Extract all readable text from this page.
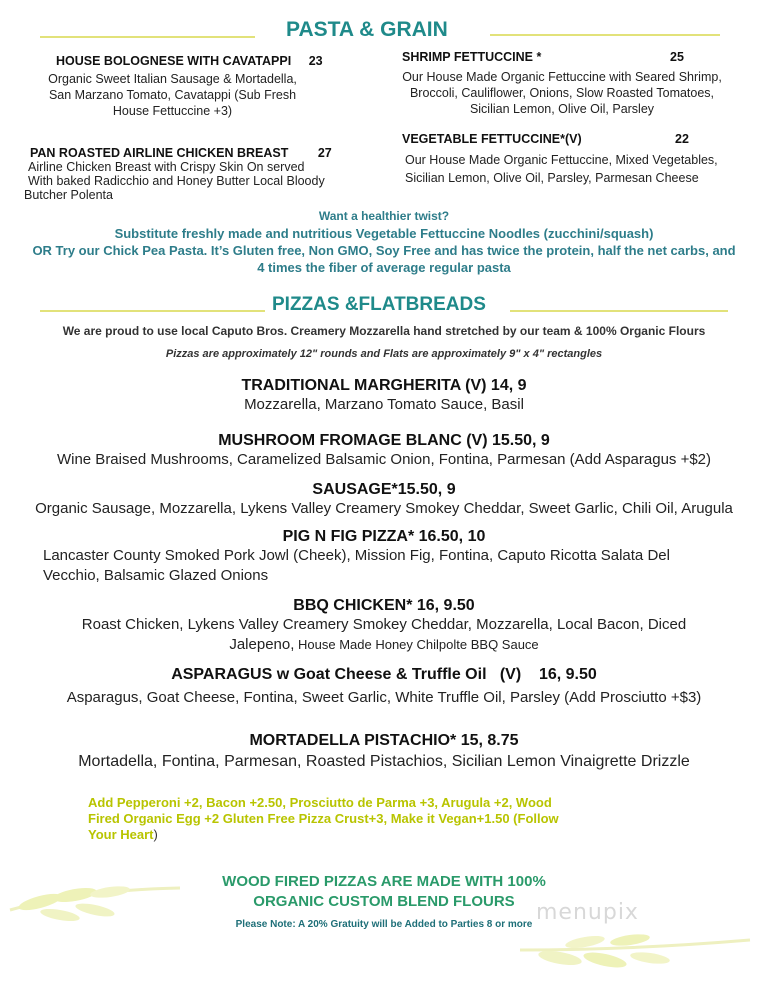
PASTA & GRAIN
HOUSE BOLOGNESE WITH CAVATAPPI 23
Organic Sweet Italian Sausage & Mortadella,
San Marzano Tomato, Cavatappi (Sub Fresh
House Fettuccine +3)
PAN ROASTED AIRLINE CHICKEN BREAST 27
Airline Chicken Breast with Crispy Skin On served
With baked Radicchio and Honey Butter Local Bloody
Butcher Polenta
SHRIMP FETTUCCINE *	25
Our House Made Organic Fettuccine with Seared Shrimp,
Broccoli, Cauliflower, Onions, Slow Roasted Tomatoes,
Sicilian Lemon, Olive Oil, Parsley
VEGETABLE FETTUCCINE*(V)	22
Our House Made Organic Fettuccine, Mixed Vegetables,
Sicilian Lemon, Olive Oil, Parsley, Parmesan Cheese
Want a healthier twist?
Substitute freshly made and nutritious Vegetable Fettuccine Noodles (zucchini/squash)
OR Try our Chick Pea Pasta. It’s Gluten free, Non GMO, Soy Free and has twice the protein, half the net carbs, and
4 times the fiber of average regular pasta
PIZZAS &FLATBREADS
We are proud to use local Caputo Bros. Creamery Mozzarella hand stretched by our team & 100% Organic Flours
Pizzas are approximately 12" rounds and Flats are approximately 9" x 4" rectangles
TRADITIONAL MARGHERITA (V) 14, 9
Mozzarella, Marzano Tomato Sauce, Basil
MUSHROOM FROMAGE BLANC (V) 15.50, 9
Wine Braised Mushrooms, Caramelized Balsamic Onion, Fontina, Parmesan (Add Asparagus +$2)
SAUSAGE*15.50, 9
Organic Sausage, Mozzarella, Lykens Valley Creamery Smokey Cheddar, Sweet Garlic, Chili Oil, Arugula
PIG N FIG PIZZA* 16.50, 10
Lancaster County Smoked Pork Jowl (Cheek), Mission Fig, Fontina, Caputo Ricotta Salata Del
Vecchio, Balsamic Glazed Onions
BBQ CHICKEN* 16, 9.50
Roast Chicken, Lykens Valley Creamery Smokey Cheddar, Mozzarella, Local Bacon, Diced
Jalepeno, House Made Honey Chilpolte BBQ Sauce
ASPARAGUS w Goat Cheese & Truffle Oil   (V)    16, 9.50
Asparagus, Goat Cheese, Fontina, Sweet Garlic, White Truffle Oil, Parsley (Add Prosciutto +$3)
MORTADELLA PISTACHIO* 15, 8.75
Mortadella, Fontina, Parmesan, Roasted Pistachios, Sicilian Lemon Vinaigrette Drizzle
Add Pepperoni +2, Bacon +2.50, Prosciutto de Parma +3, Arugula +2, Wood
Fired Organic Egg +2 Gluten Free Pizza Crust+3, Make it Vegan+1.50 (Follow
Your Heart)
menupix
WOOD FIRED PIZZAS ARE MADE WITH 100%
ORGANIC CUSTOM BLEND FLOURS
Please Note: A 20% Gratuity will be Added to Parties 8 or more
